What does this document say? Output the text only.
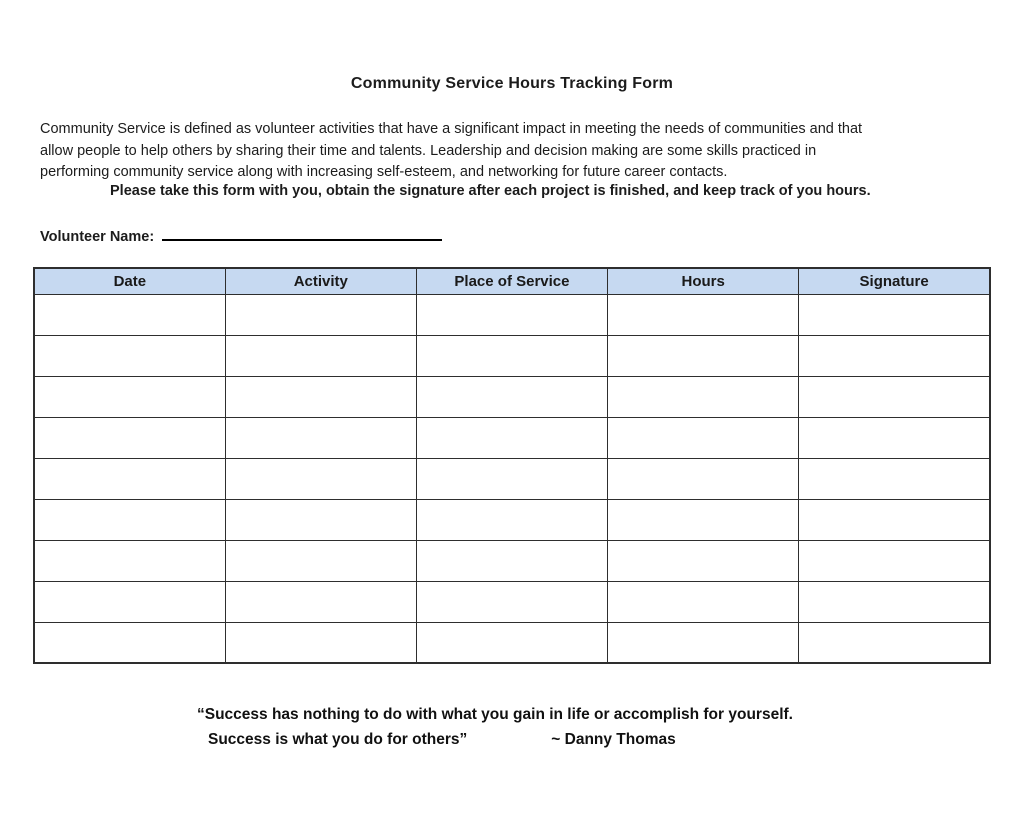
Community Service Hours Tracking Form
Community Service is defined as volunteer activities that have a significant impact in meeting the needs of communities and that
allow people to help others by sharing their time and talents. Leadership and decision making are some skills practiced in
performing community service along with increasing self-esteem, and networking for future career contacts.
Please take this form with you, obtain the signature after each project is finished, and keep track of you hours.
Volunteer Name:
Date	Activity	Place of Service	Hours	Signature

“Success has nothing to do with what you gain in life or accomplish for yourself.
Success is what you do for others”	~ Danny Thomas
